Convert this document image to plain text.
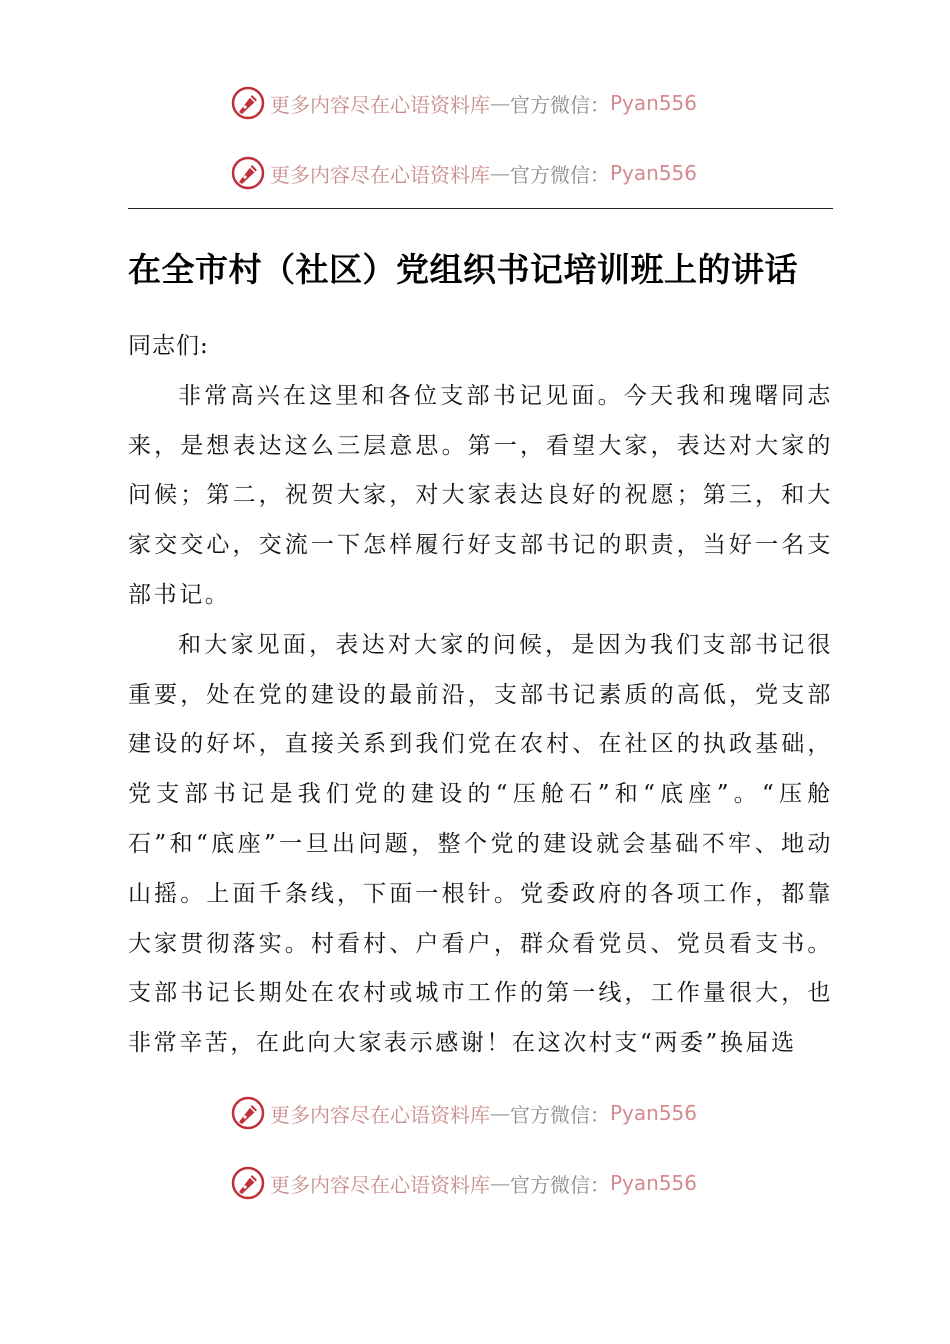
更多内容尽在心语资料库 — 官方微信： Pyan556
更多内容尽在心语资料库 — 官方微信： Pyan556
在全市村（社区）党组织书记培训班上的讲话

同志们:

非常高兴在这里和各位支部书记见面。今天我和瑰曙同志来，是想表达这么三层意思。第一，看望大家，表达对大家的问候；第二，祝贺大家，对大家表达良好的祝愿；第三，和大家交交心，交流一下怎样履行好支部书记的职责，当好一名支部书记。

和大家见面，表达对大家的问候，是因为我们支部书记很重要，处在党的建设的最前沿，支部书记素质的高低，党支部建设的好坏，直接关系到我们党在农村、在社区的执政基础，党支部书记是我们党的建设的“压舱石”和“底座”。“压舱石”和“底座”一旦出问题，整个党的建设就会基础不牢、地动山摇。上面千条线，下面一根针。党委政府的各项工作，都靠大家贯彻落实。村看村、户看户，群众看党员、党员看支书。支部书记长期处在农村或城市工作的第一线，工作量很大，也非常辛苦，在此向大家表示感谢！在这次村支“两委”换届选

更多内容尽在心语资料库 — 官方微信： Pyan556
更多内容尽在心语资料库 — 官方微信： Pyan556
